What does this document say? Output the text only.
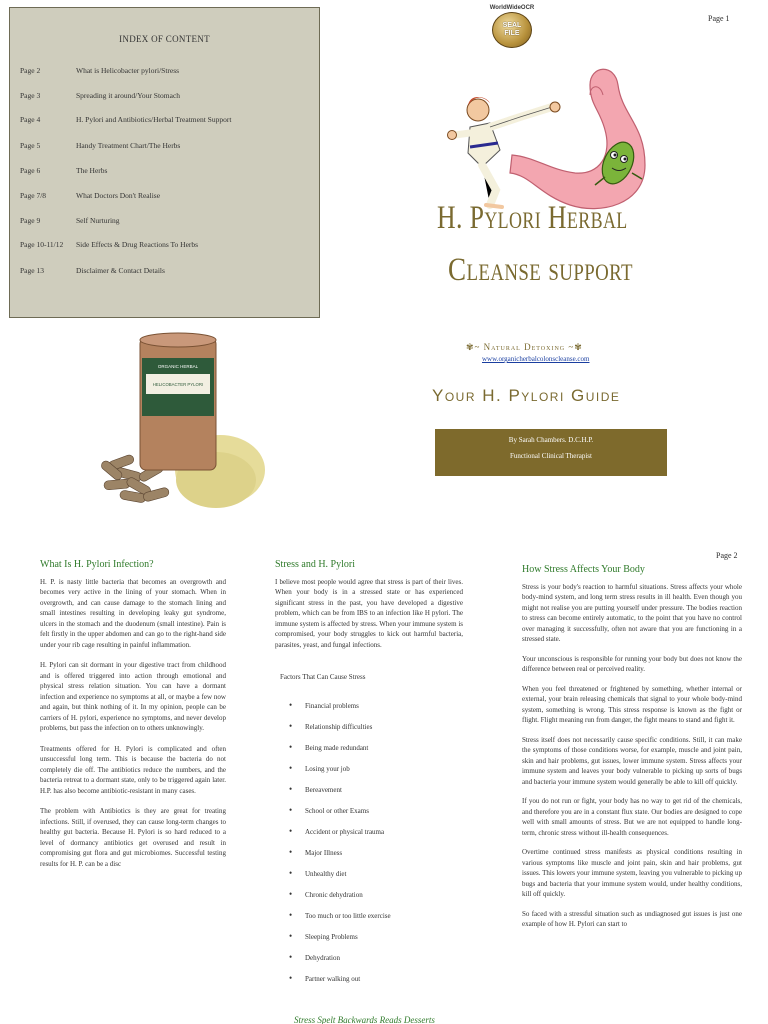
INDEX OF CONTENT
Page 2	What is Helicobacter pylori/Stress
Page 3	Spreading it around/Your Stomach
Page 4	H. Pylori and Antibiotics/Herbal Treatment Support
Page 5	Handy Treatment Chart/The Herbs
Page 6	The Herbs
Page 7/8	What Doctors Don't Realise
Page 9	Self Nurturing
Page 10-11/12 Side Effects & Drug Reactions To Herbs
Page 13	Disclaimer & Contact Details
WorldWideOCR
SEAL
FILE
Page 1
H. Pylori Herbal
Cleanse support
✾~ Natural Detoxing ~✾
www.organicherbalcolonscleanse.com
Your H. Pylori Guide
By Sarah Chambers. D.C.H.P.
Functional Clinical Therapist
ORGANIC HERBAL
HELICOBACTER PYLORI
Page 2
What Is H. Pylori Infection?

H. P. is nasty little bacteria that becomes an overgrowth and becomes very active in the lining of your stomach. When in overgrowth, and can cause damage to the stomach lining and small intestines resulting in developing leaky gut syndrome, ulcers in the stomach and the duodenum (small intestine). Pain is felt firstly in the upper abdomen and can go to the right-hand side under your rib cage resulting in painful inflammation.

H. Pylori can sit dormant in your digestive tract from childhood and is offered triggered into action through emotional and physical stress relation situation. You can have a dormant infection and experience no symptoms at all, or maybe a few now and again, but think nothing of it. In my opinion, people can be carriers of H. pylori, experience no symptoms, and never develop problems, but pass the infection on to others unknowingly.

Treatments offered for H. Pylori is complicated and often unsuccessful long term. This is because the bacteria do not completely die off. The antibiotics reduce the numbers, and the bacteria retreat to a dormant state, only to be triggered again later. H.P. has also become antibiotic-resistant in many cases.

The problem with Antibiotics is they are great for treating infections. Still, if overused, they can cause long-term changes to healthy gut bacteria. Because H. Pylori is so hard reduced to a level of dormancy antibiotics get overused and result in compromising gut flora and gut microbiomes. Successful testing results for H. P. can be a disc

Stress and H. Pylori

I believe most people would agree that stress is part of their lives. When your body is in a stressed state or has experienced significant stress in the past, you have developed a digestive problem, which can be from IBS to an infection like H pylori. The immune system is affected by stress. When your immune system is compromised, your body struggles to kick out harmful bacteria, parasites, yeast, and fungal infections.

Factors That Can Cause Stress
• Financial problems
• Relationship difficulties
• Being made redundant
• Losing your job
• Bereavement
• School or other Exams
• Accident or physical trauma
• Major Illness
• Unhealthy diet
• Chronic dehydration
• Too much or too little exercise
• Sleeping Problems
• Dehydration
• Partner walking out
How Stress Affects Your Body

Stress is your body's reaction to harmful situations. Stress affects your whole body-mind system, and long term stress results in ill health. Even though you might not realise you are putting yourself under pressure. The bodies reaction to stress can become entirely automatic, to the point that you have no control over managing it successfully, often not aware that you are functioning in a stressed state.

Your unconscious is responsible for running your body but does not know the difference between real or perceived reality.

When you feel threatened or frightened by something, whether internal or external, your brain releasing chemicals that signal to your whole body-mind system, something is wrong. This stress response is known as the fight or flight. Flight meaning run from danger, the fight means to stand and fight it.

Stress itself does not necessarily cause specific conditions. Still, it can make the symptoms of those conditions worse, for example, muscle and joint pain, skin and hair problems, gut issues, lower immune system. Stress affects your immune system and leaves your body vulnerable to picking up sorts of bugs and bacteria your immune system would generally be able to kill off quickly.

If you do not run or fight, your body has no way to get rid of the chemicals, and therefore you are in a constant flux state. Our bodies are designed to cope well with small amounts of stress. But we are not equipped to handle long-term, chronic stress without ill-health consequences.

Overtime continued stress manifests as physical conditions resulting in various symptoms like muscle and joint pain, skin and hair problems, gut issues. This lowers your immune system, leaving you vulnerable to picking up bugs and bacteria that your immune system would, under healthy conditions, kill off quickly.

So faced with a stressful situation such as undiagnosed gut issues is just one example of how H. Pylori can start to

Stress Spelt Backwards Reads Desserts
